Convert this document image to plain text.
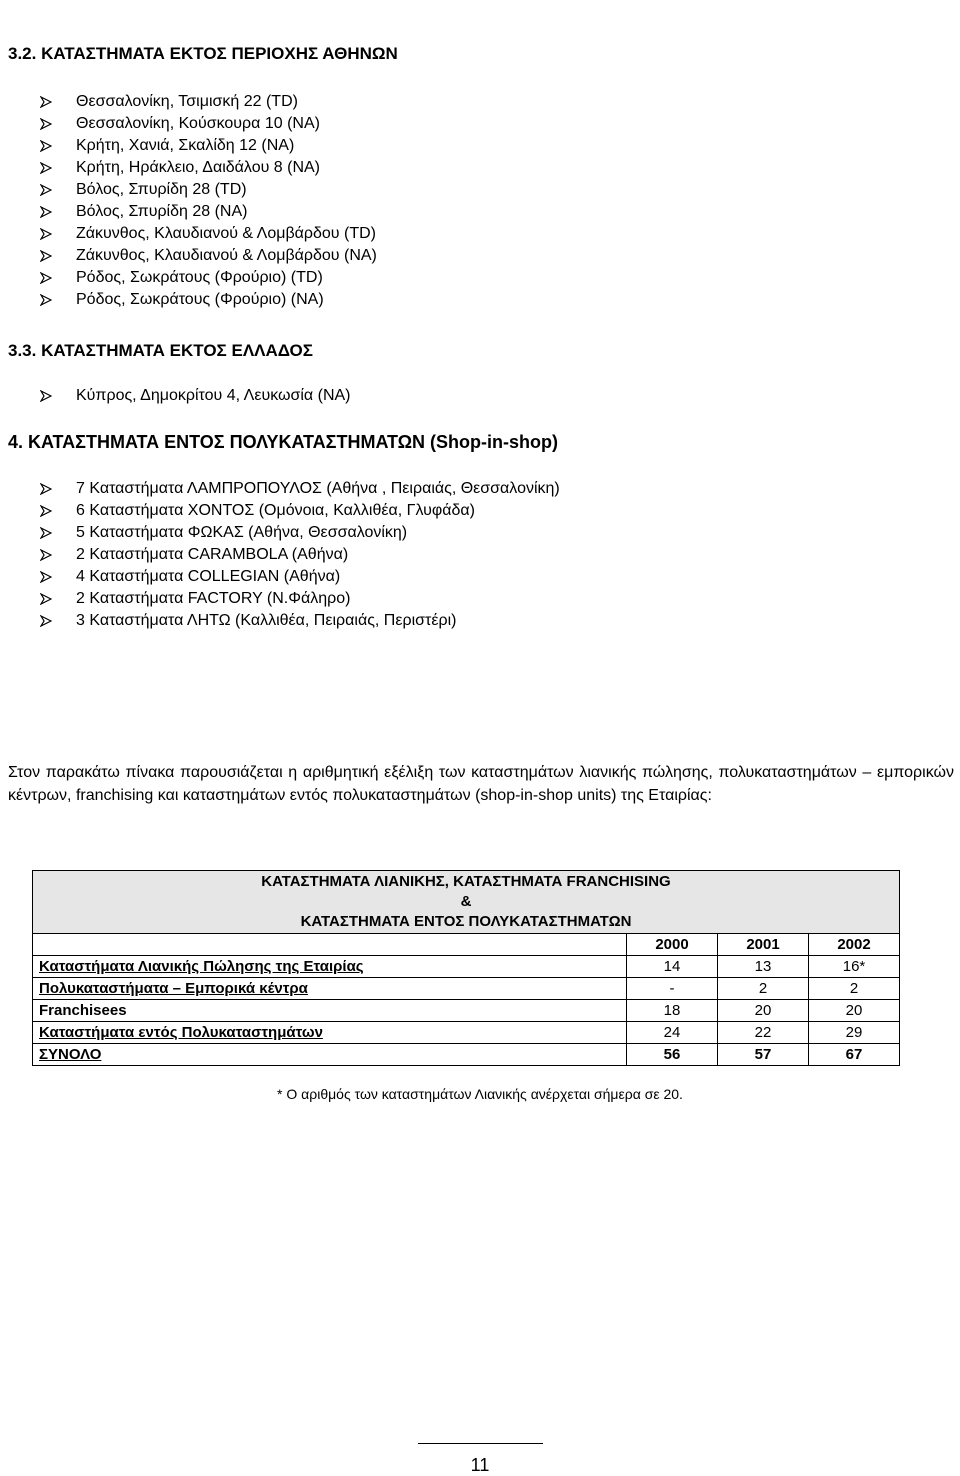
3.2. ΚΑΤΑΣΤΗΜΑΤΑ ΕΚΤΟΣ ΠΕΡΙΟΧΗΣ ΑΘΗΝΩΝ
Θεσσαλονίκη, Τσιμισκή 22 (TD)
Θεσσαλονίκη, Κούσκουρα 10 (NA)
Κρήτη, Χανιά, Σκαλίδη 12 (NA)
Κρήτη, Ηράκλειο, Δαιδάλου 8 (NA)
Βόλος, Σπυρίδη 28 (TD)
Βόλος, Σπυρίδη 28 (NA)
Ζάκυνθος, Κλαυδιανού & Λομβάρδου (TD)
Ζάκυνθος, Κλαυδιανού & Λομβάρδου (NA)
Ρόδος, Σωκράτους (Φρούριο) (TD)
Ρόδος, Σωκράτους (Φρούριο) (NA)
3.3. ΚΑΤΑΣΤΗΜΑΤΑ ΕΚΤΟΣ ΕΛΛΑΔΟΣ
Κύπρος, Δημοκρίτου 4, Λευκωσία (NA)
4. ΚΑΤΑΣΤΗΜΑΤΑ ΕΝΤΟΣ ΠΟΛΥΚΑΤΑΣΤΗΜΑΤΩΝ (Shop-in-shop)
7 Καταστήματα ΛΑΜΠΡΟΠΟΥΛΟΣ (Αθήνα , Πειραιάς, Θεσσαλονίκη)
6 Καταστήματα ΧΟΝΤΟΣ (Ομόνοια, Καλλιθέα, Γλυφάδα)
5 Καταστήματα ΦΩΚΑΣ (Αθήνα, Θεσσαλονίκη)
2 Καταστήματα CARAMBOLA (Αθήνα)
4 Καταστήματα COLLEGIAN (Αθήνα)
2 Καταστήματα FACTORY (Ν.Φάληρο)
3 Καταστήματα ΛΗΤΩ (Καλλιθέα, Πειραιάς, Περιστέρι)
Στον παρακάτω πίνακα παρουσιάζεται η αριθμητική εξέλιξη των καταστημάτων λιανικής πώλησης, πολυκαταστημάτων – εμπορικών κέντρων, franchising και καταστημάτων εντός πολυκαταστημάτων (shop-in-shop units) της Εταιρίας:
ΚΑΤΑΣΤΗΜΑΤΑ ΛΙΑΝΙΚΗΣ, ΚΑΤΑΣΤΗΜΑΤΑ FRANCHISING
&
ΚΑΤΑΣΤΗΜΑΤΑ ΕΝΤΟΣ ΠΟΛΥΚΑΤΑΣΤΗΜΑΤΩΝ			

	2000	2001	2002
Καταστήματα Λιανικής Πώλησης της Εταιρίας	14	13	16*
Πολυκαταστήματα – Εμπορικά κέντρα	-	2	2
Franchisees	18	20	20
Καταστήματα εντός Πολυκαταστημάτων	24	22	29
ΣΥΝΟΛΟ	56	57	67
* Ο αριθμός των καταστημάτων Λιανικής ανέρχεται σήμερα σε 20.
11
